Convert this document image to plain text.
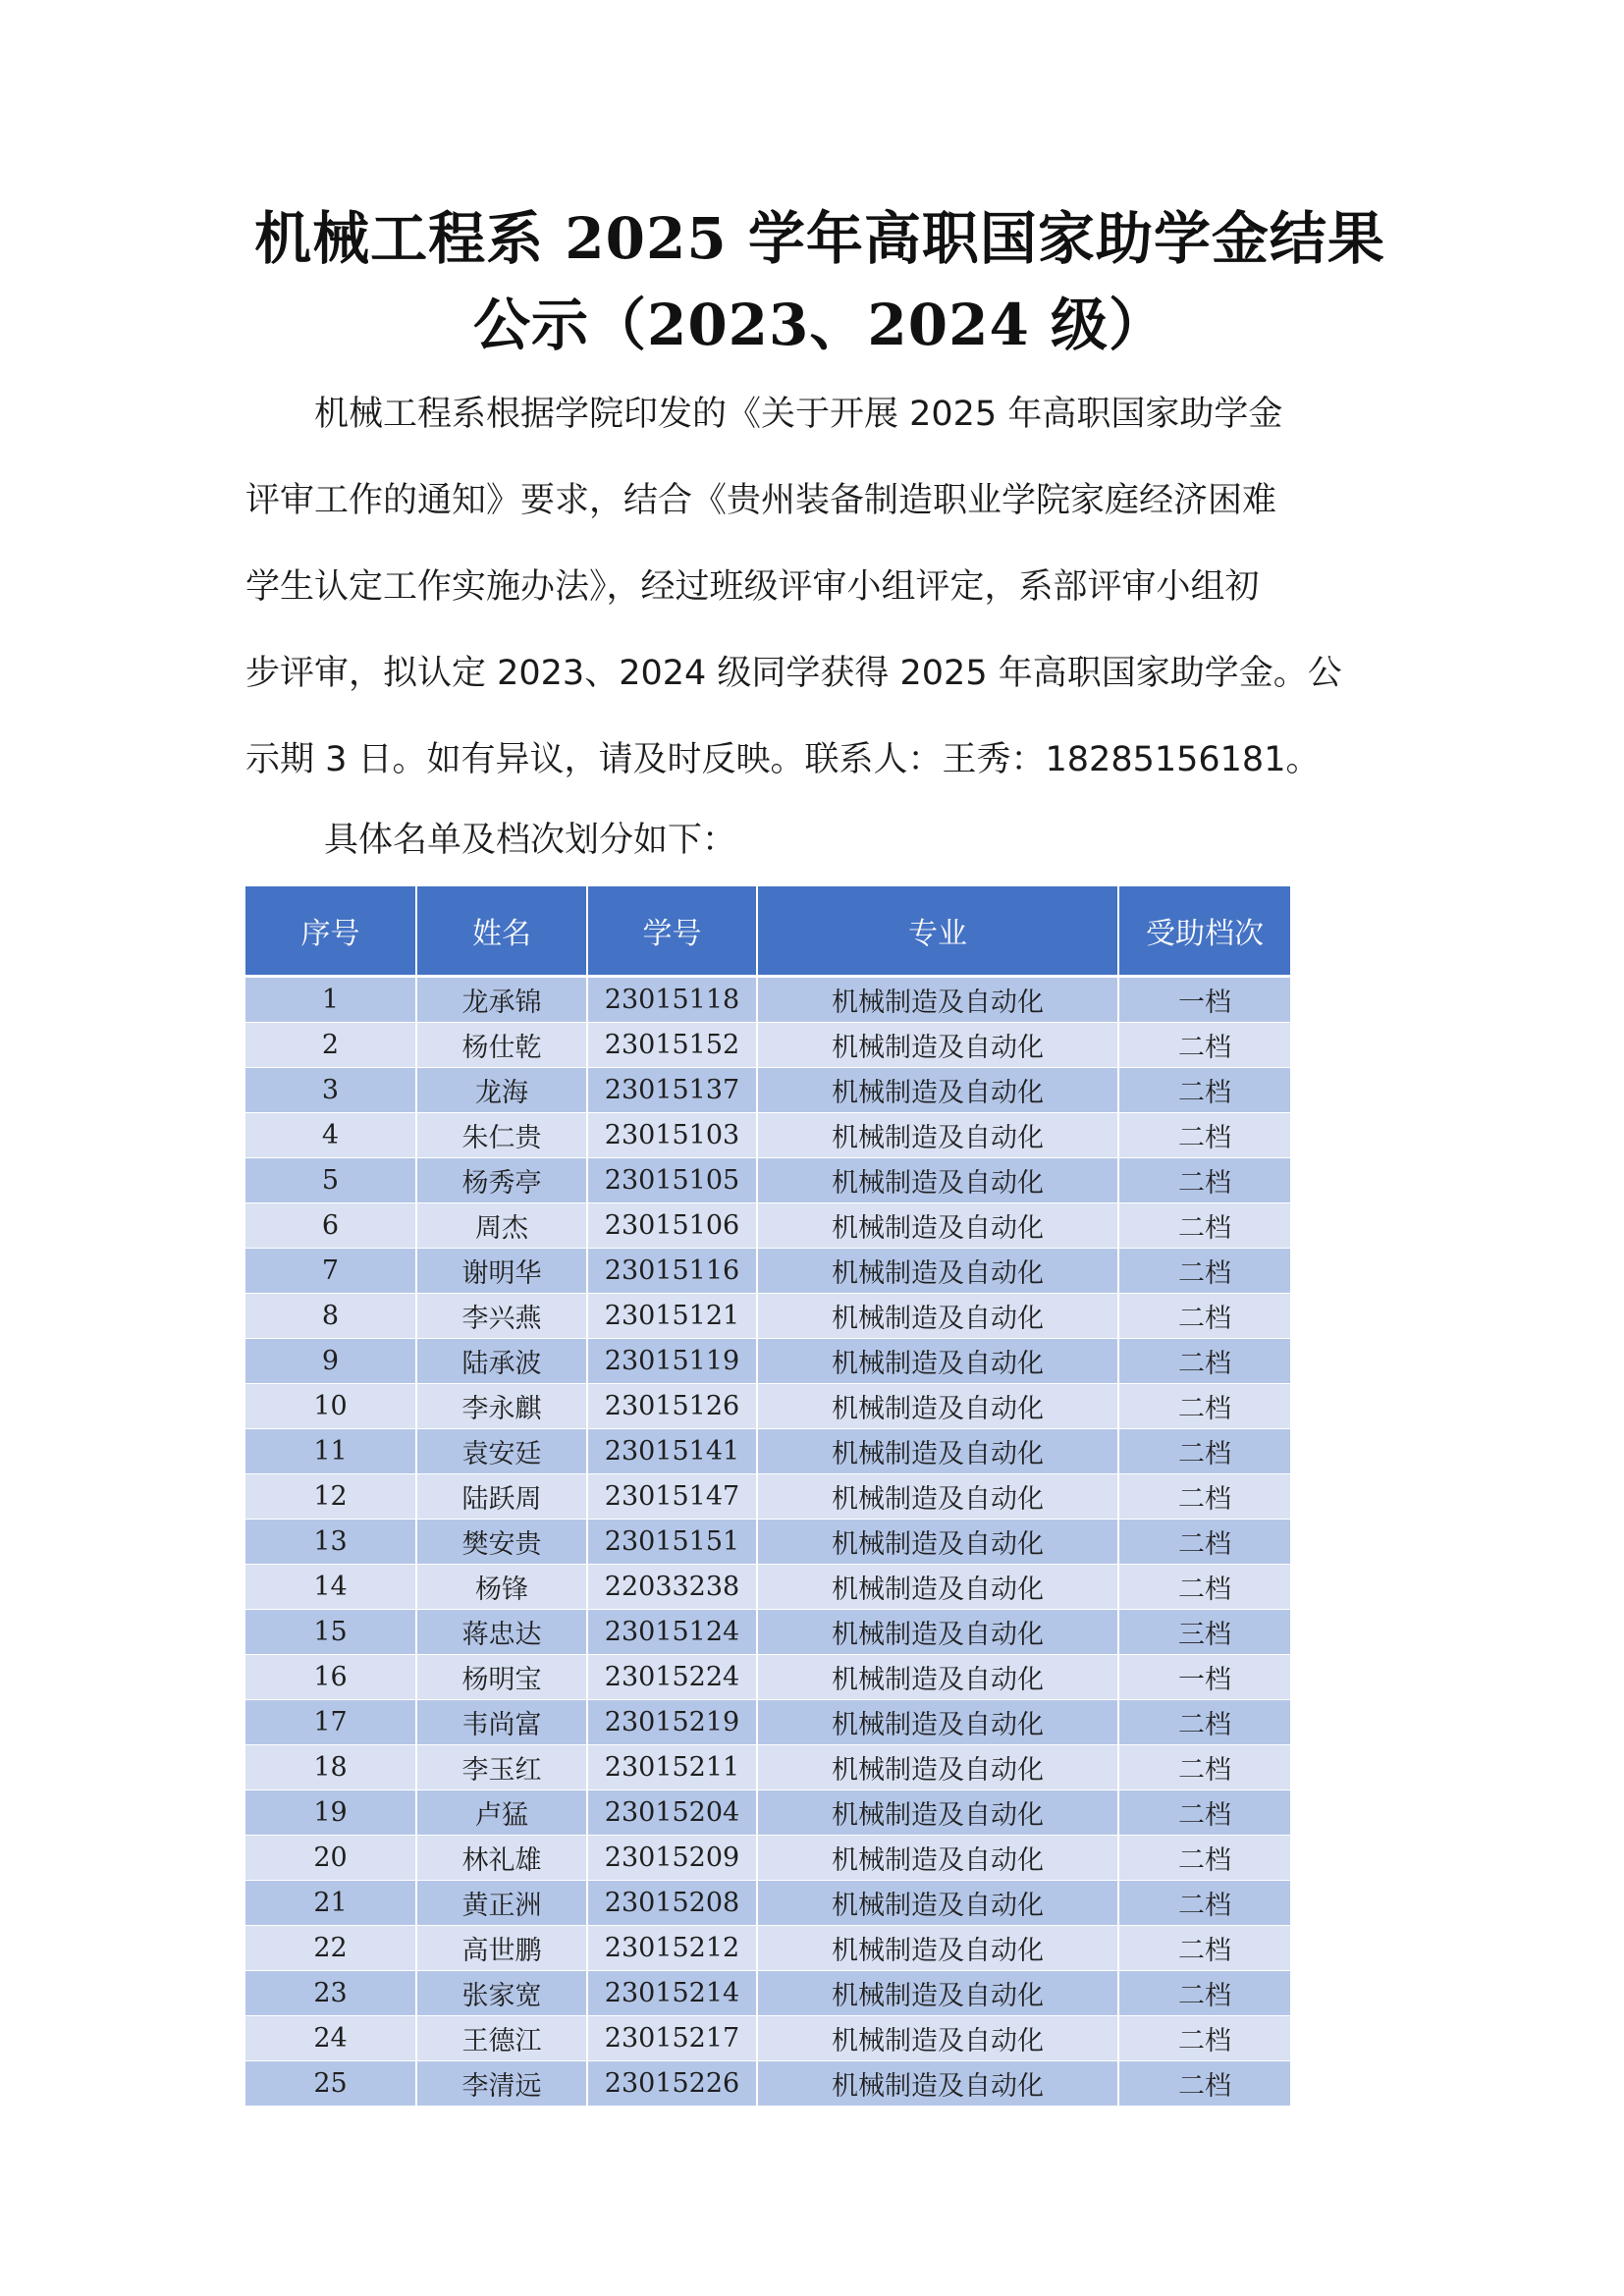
机械工程系 2025 学年高职国家助学金结果
公示（2023、2024 级）
　　机械工程系根据学院印发的《关于开展 2025 年高职国家助学金
评审工作的通知》要求，结合《贵州装备制造职业学院家庭经济困难
学生认定工作实施办法》，经过班级评审小组评定，系部评审小组初
步评审，拟认定 2023、2024 级同学获得 2025 年高职国家助学金。公
示期 3 日。如有异议，请及时反映。联系人：王秀：18285156181。
具体名单及档次划分如下：
序号	姓名	学号	专业	受助档次
1	龙承锦	23015118	机械制造及自动化	一档
2	杨仕乾	23015152	机械制造及自动化	二档
3	龙海	23015137	机械制造及自动化	二档
4	朱仁贵	23015103	机械制造及自动化	二档
5	杨秀亭	23015105	机械制造及自动化	二档
6	周杰	23015106	机械制造及自动化	二档
7	谢明华	23015116	机械制造及自动化	二档
8	李兴燕	23015121	机械制造及自动化	二档
9	陆承波	23015119	机械制造及自动化	二档
10	李永麒	23015126	机械制造及自动化	二档
11	袁安廷	23015141	机械制造及自动化	二档
12	陆跃周	23015147	机械制造及自动化	二档
13	樊安贵	23015151	机械制造及自动化	二档
14	杨锋	22033238	机械制造及自动化	二档
15	蒋忠达	23015124	机械制造及自动化	三档
16	杨明宝	23015224	机械制造及自动化	一档
17	韦尚富	23015219	机械制造及自动化	二档
18	李玉红	23015211	机械制造及自动化	二档
19	卢猛	23015204	机械制造及自动化	二档
20	林礼雄	23015209	机械制造及自动化	二档
21	黄正洲	23015208	机械制造及自动化	二档
22	高世鹏	23015212	机械制造及自动化	二档
23	张家宽	23015214	机械制造及自动化	二档
24	王德江	23015217	机械制造及自动化	二档
25	李清远	23015226	机械制造及自动化	二档
